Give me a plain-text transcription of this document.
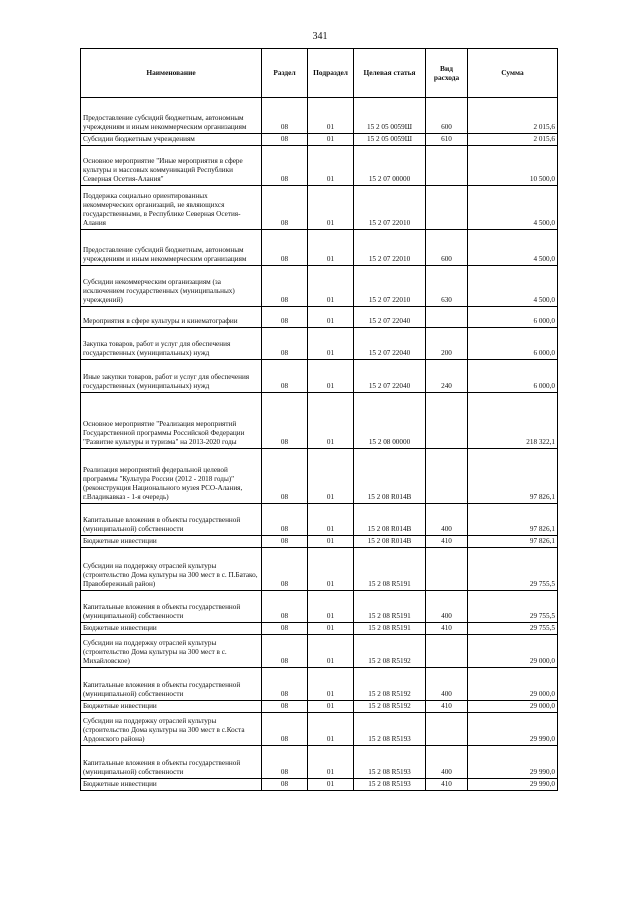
341
Наименование	Раздел	Подраздел	Целевая статья	Вид расхода	Сумма
Предоставление субсидий бюджетным, автономным учреждениям и иным некоммерческим организациям	08	01	15 2 05 0059Ш	600	2 015,6
Субсидии бюджетным учреждениям	08	01	15 2 05 0059Ш	610	2 015,6
Основное мероприятие "Иные мероприятия в сфере культуры и массовых коммуникаций Республики Северная Осетия-Алания"	08	01	15 2 07 00000		10 500,0
Поддержка социально ориентированных некоммерческих организаций, не являющихся государственными, в Республике Северная Осетия-Алания	08	01	15 2 07 22010		4 500,0
Предоставление субсидий бюджетным, автономным учреждениям и иным некоммерческим организациям	08	01	15 2 07 22010	600	4 500,0
Субсидии некоммерческим организациям (за исключением государственных (муниципальных) учреждений)	08	01	15 2 07 22010	630	4 500,0
Мероприятия в сфере культуры и кинематографии	08	01	15 2 07 22040		6 000,0
Закупка товаров, работ и услуг для обеспечения государственных (муниципальных) нужд	08	01	15 2 07 22040	200	6 000,0
Иные закупки товаров, работ и услуг для обеспечения государственных (муниципальных) нужд	08	01	15 2 07 22040	240	6 000,0
Основное мероприятие "Реализация мероприятий Государственной программы Российской Федерации "Развитие культуры и туризма" на 2013-2020 годы	08	01	15 2 08 00000		218 322,1
Реализация мероприятий федеральной целевой программы "Культура России (2012 - 2018 годы)" (реконструкция Национального музея РСО-Алания, г.Владикавказ - 1-я очередь)	08	01	15 2 08 R014B		97 826,1
Капитальные вложения в объекты государственной (муниципальной) собственности	08	01	15 2 08 R014B	400	97 826,1
Бюджетные инвестиции	08	01	15 2 08 R014B	410	97 826,1
Субсидии на поддержку отраслей культуры (строительство Дома культуры на 300 мест в с. П.Батако, Правобережный район)	08	01	15 2 08 R5191		29 755,5
Капитальные вложения в объекты государственной (муниципальной) собственности	08	01	15 2 08 R5191	400	29 755,5
Бюджетные инвестиции	08	01	15 2 08 R5191	410	29 755,5
Субсидии на поддержку отраслей культуры (строительство Дома культуры на 300 мест в с. Михайловское)	08	01	15 2 08 R5192		29 000,0
Капитальные вложения в объекты государственной (муниципальной) собственности	08	01	15 2 08 R5192	400	29 000,0
Бюджетные инвестиции	08	01	15 2 08 R5192	410	29 000,0
Субсидии на поддержку отраслей культуры (строительство Дома культуры на 300 мест в с.Коста Ардонского района)	08	01	15 2 08 R5193		29 990,0
Капитальные вложения в объекты государственной (муниципальной) собственности	08	01	15 2 08 R5193	400	29 990,0
Бюджетные инвестиции	08	01	15 2 08 R5193	410	29 990,0
